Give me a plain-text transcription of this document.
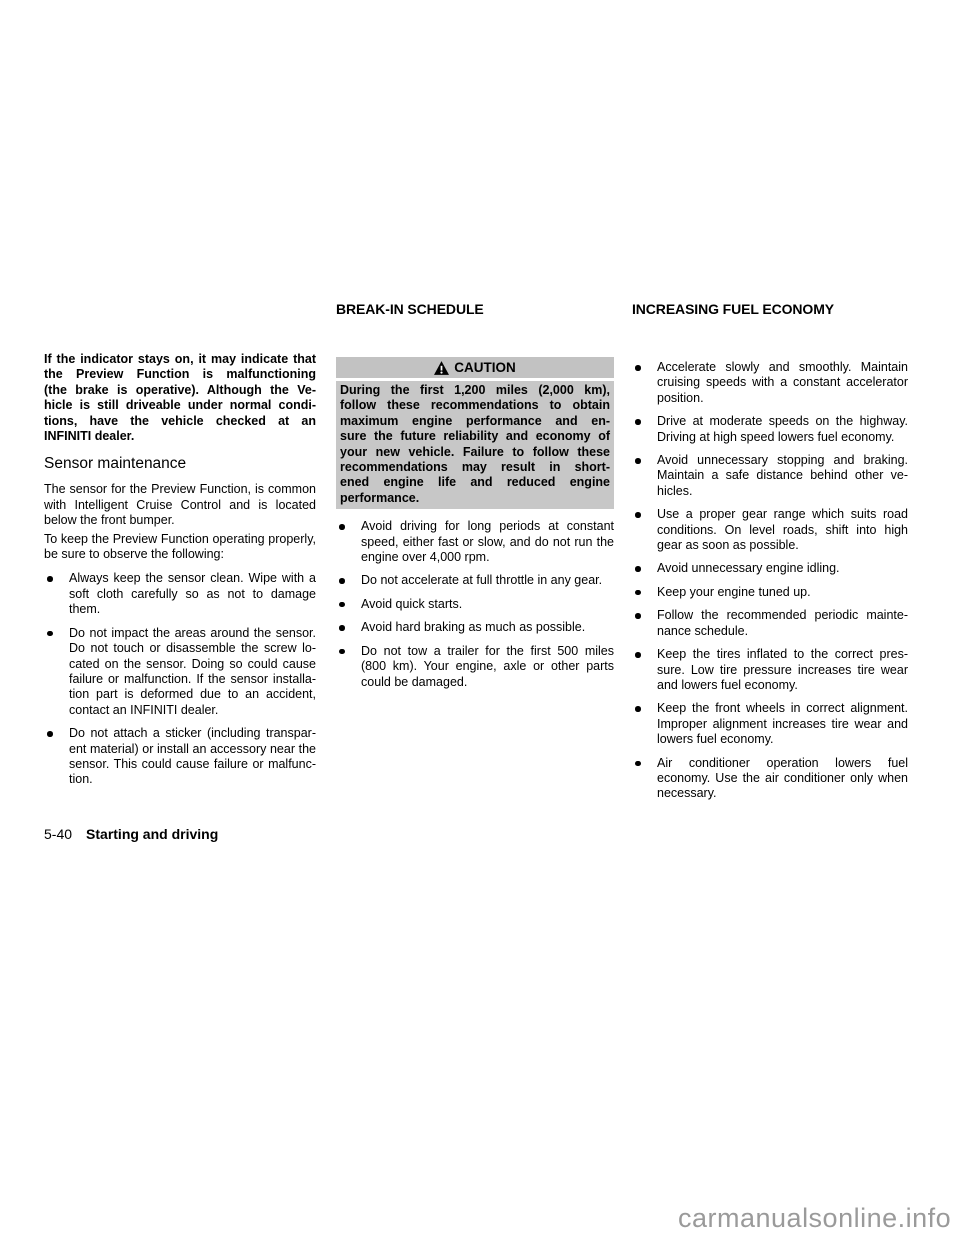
If the indicator stays on, it may indicate that
the Preview Function is malfunctioning
(the brake is operative). Although the Ve-
hicle is still driveable under normal condi-
tions, have the vehicle checked at an
INFINITI dealer.
Sensor maintenance
The sensor for the Preview Function, is common
with Intelligent Cruise Control and is located
below the front bumper.
To keep the Preview Function operating properly,
be sure to observe the following:
Always keep the sensor clean. Wipe with a
soft cloth carefully so as not to damage
them.
Do not impact the areas around the sensor.
Do not touch or disassemble the screw lo-
cated on the sensor. Doing so could cause
failure or malfunction. If the sensor installa-
tion part is deformed due to an accident,
contact an INFINITI dealer.
Do not attach a sticker (including transpar-
ent material) or install an accessory near the
sensor. This could cause failure or malfunc-
tion.
BREAK-IN SCHEDULE
CAUTION
During the first 1,200 miles (2,000 km),
follow these recommendations to obtain
maximum engine performance and en-
sure the future reliability and economy of
your new vehicle. Failure to follow these
recommendations may result in short-
ened engine life and reduced engine
performance.
Avoid driving for long periods at constant
speed, either fast or slow, and do not run the
engine over 4,000 rpm.
Do not accelerate at full throttle in any gear.
Avoid quick starts.
Avoid hard braking as much as possible.
Do not tow a trailer for the first 500 miles
(800 km). Your engine, axle or other parts
could be damaged.
INCREASING FUEL ECONOMY
Accelerate slowly and smoothly. Maintain
cruising speeds with a constant accelerator
position.
Drive at moderate speeds on the highway.
Driving at high speed lowers fuel economy.
Avoid unnecessary stopping and braking.
Maintain a safe distance behind other ve-
hicles.
Use a proper gear range which suits road
conditions. On level roads, shift into high
gear as soon as possible.
Avoid unnecessary engine idling.
Keep your engine tuned up.
Follow the recommended periodic mainte-
nance schedule.
Keep the tires inflated to the correct pres-
sure. Low tire pressure increases tire wear
and lowers fuel economy.
Keep the front wheels in correct alignment.
Improper alignment increases tire wear and
lowers fuel economy.
Air conditioner operation lowers fuel
economy. Use the air conditioner only when
necessary.
5-40 Starting and driving
carmanualsonline.info
